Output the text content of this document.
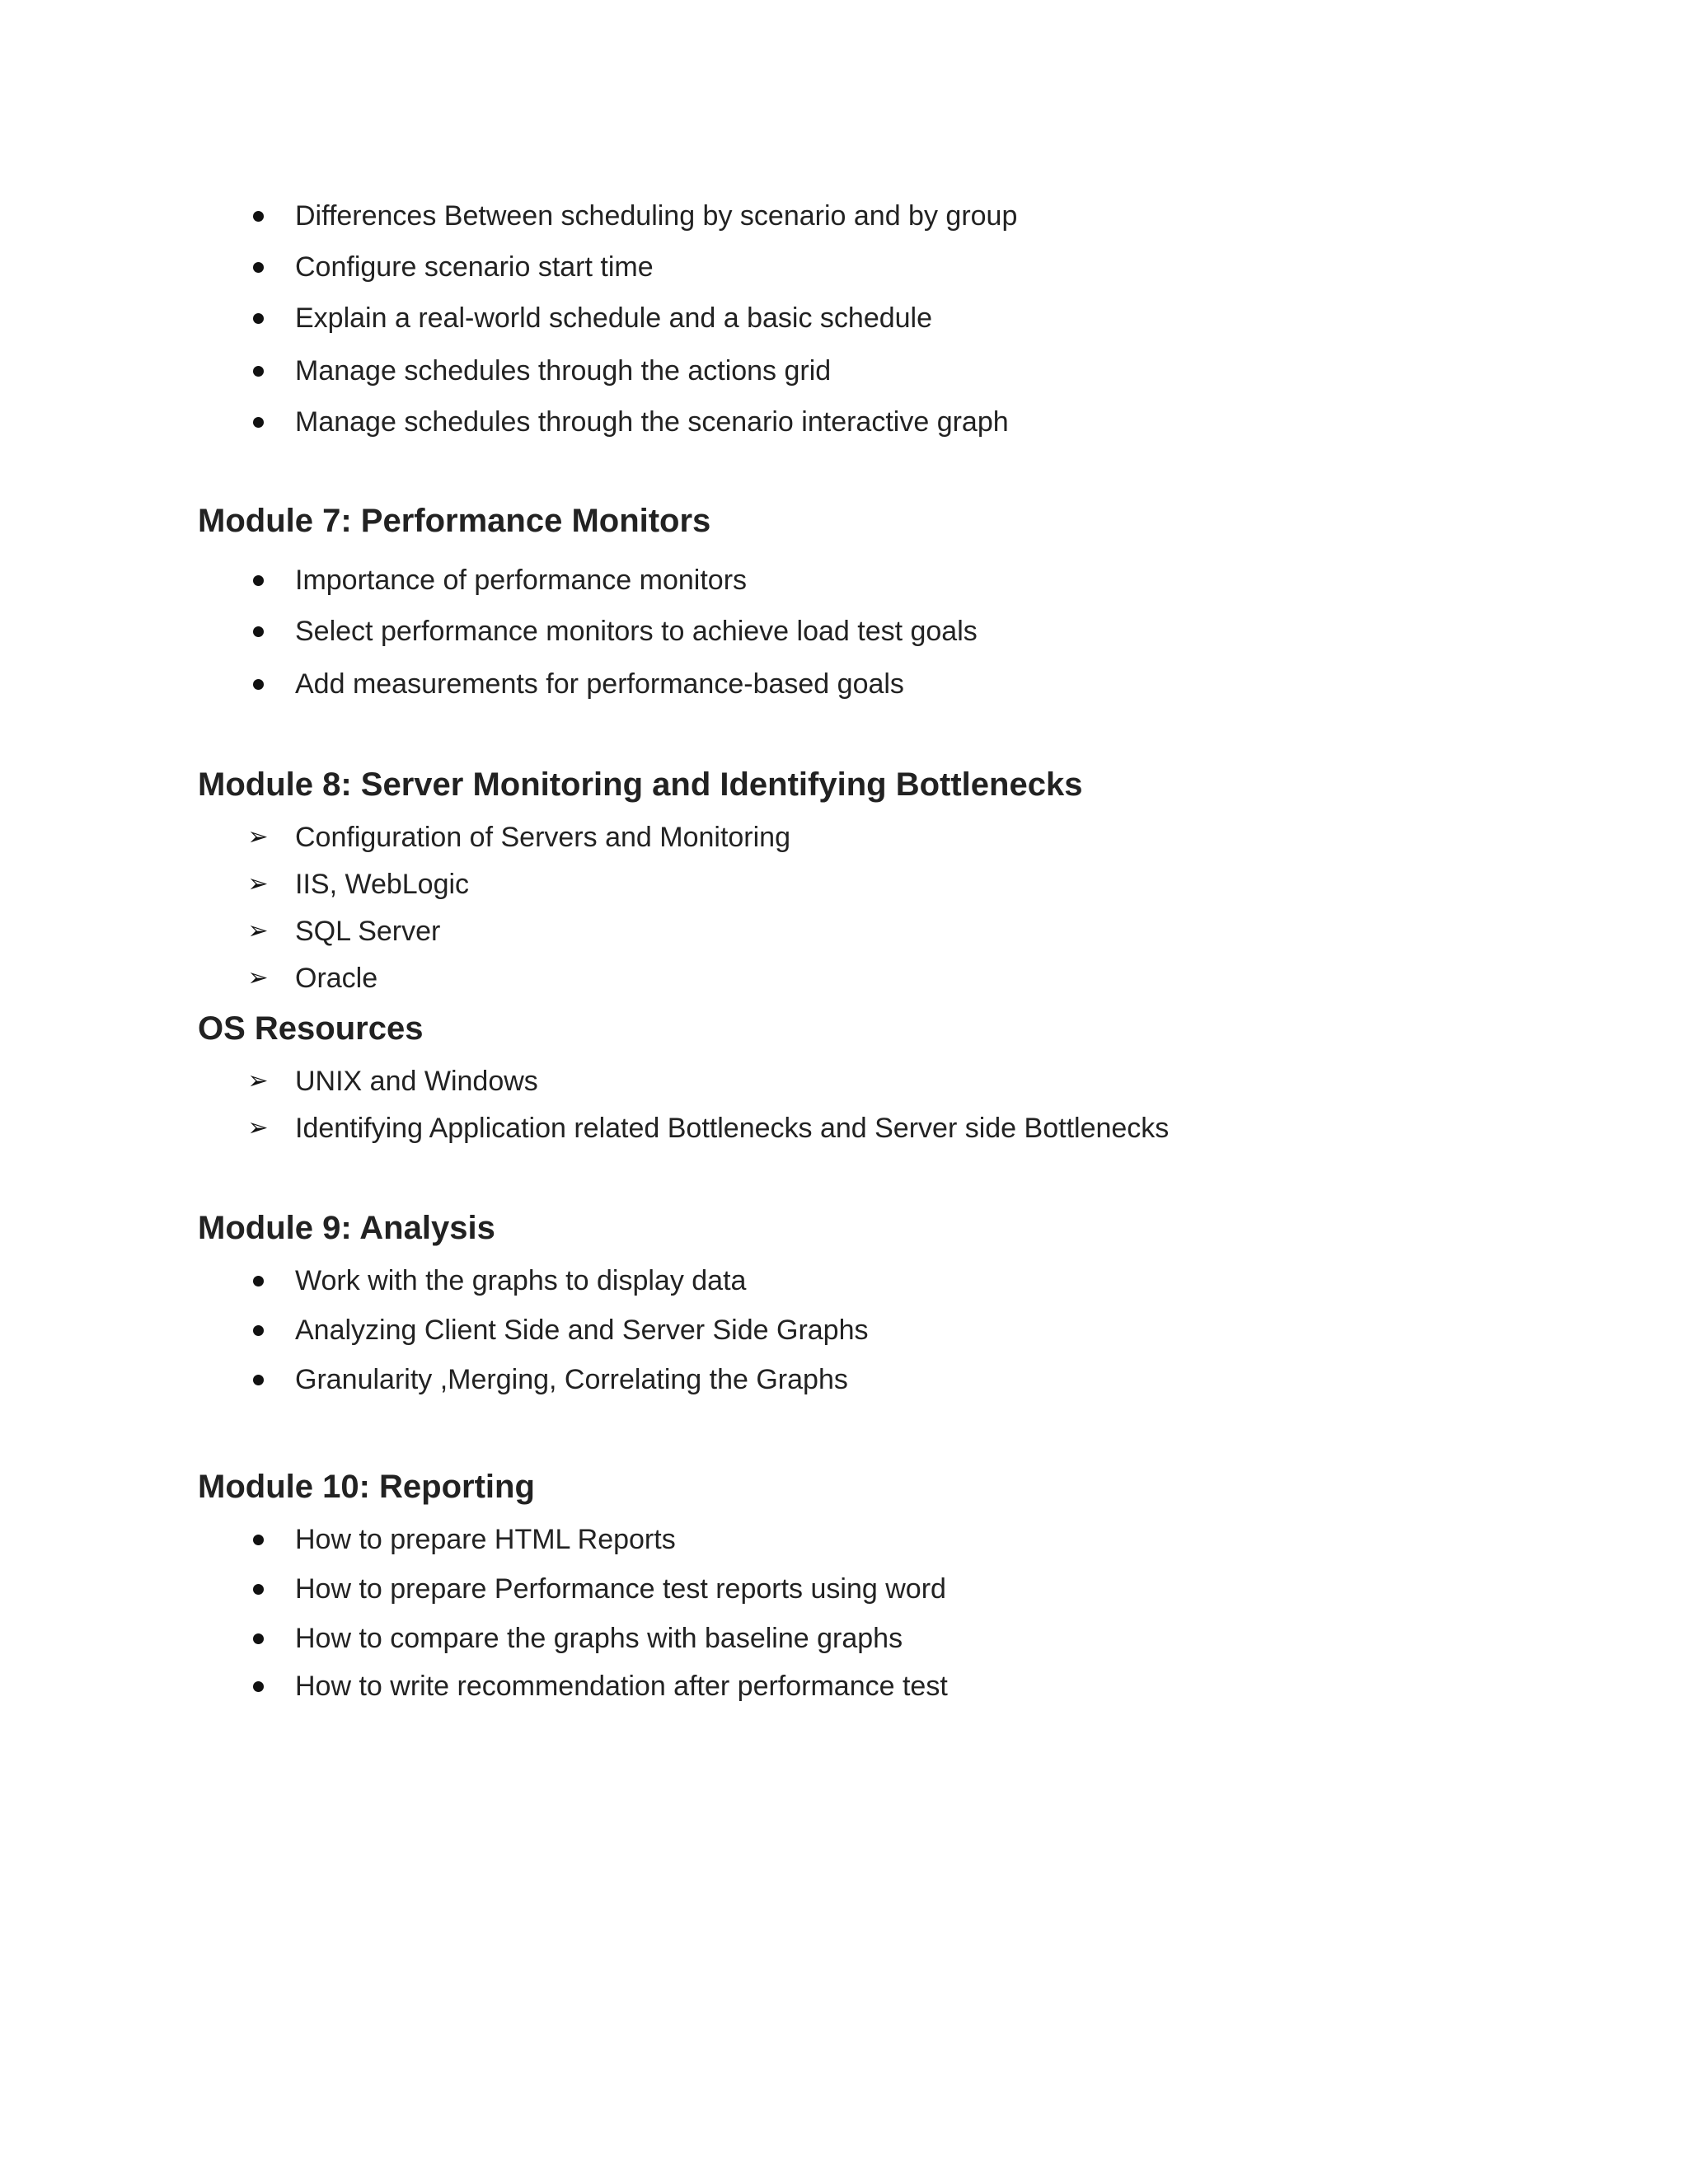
Differences Between scheduling by scenario and by group
Configure scenario start time
Explain a real-world schedule and a basic schedule
Manage schedules through the actions grid
Manage schedules through the scenario interactive graph
Module 7: Performance Monitors
Importance of performance monitors
Select performance monitors to achieve load test goals
Add measurements for performance-based goals
Module 8: Server Monitoring and Identifying Bottlenecks
➢ Configuration of Servers and Monitoring
➢ IIS, WebLogic
➢ SQL Server
➢ Oracle
OS Resources
➢ UNIX and Windows
➢ Identifying Application related Bottlenecks and Server side Bottlenecks
Module 9: Analysis
Work with the graphs to display data
Analyzing Client Side and Server Side Graphs
Granularity ,Merging, Correlating the Graphs
Module 10: Reporting
How to prepare HTML Reports
How to prepare Performance test reports using word
How to compare the graphs with baseline graphs
How to write recommendation after performance test
